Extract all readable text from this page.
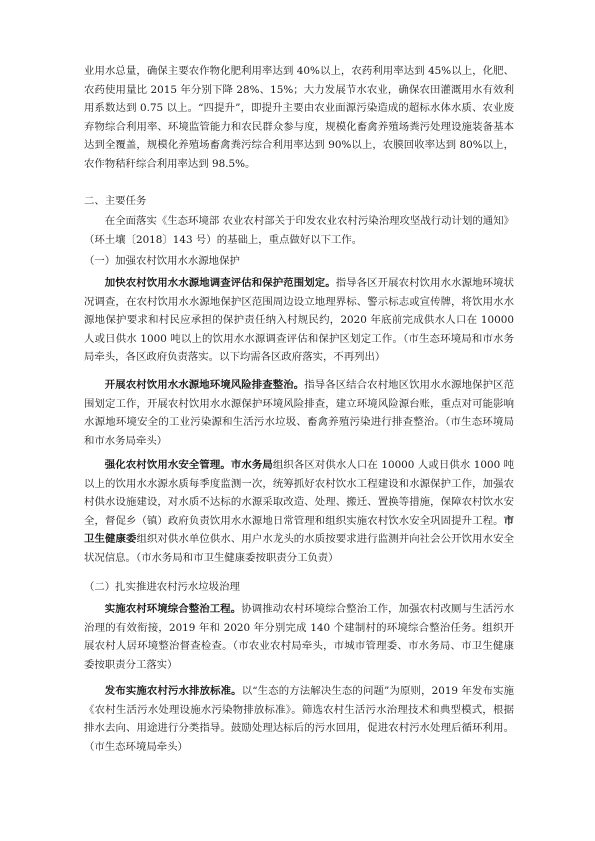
业用水总量，确保主要农作物化肥利用率达到 40%以上，农药利用率达到 45%以上，化肥、农药使用量比 2015 年分别下降 28%、15%；大力发展节水农业，确保农田灌溉用水有效利用系数达到 0.75 以上。“四提升”，即提升主要由农业面源污染造成的超标水体水质、农业废弃物综合利用率、环境监管能力和农民群众参与度，规模化畜禽养殖场粪污处理设施装备基本达到全覆盖，规模化养殖场畜禽粪污综合利用率达到 90%以上，农膜回收率达到 80%以上，农作物秸秆综合利用率达到 98.5%。

二、主要任务

在全面落实《生态环境部 农业农村部关于印发农业农村污染治理攻坚战行动计划的通知》（环土壤〔2018〕143 号）的基础上，重点做好以下工作。

（一）加强农村饮用水水源地保护

加快农村饮用水水源地调查评估和保护范围划定。指导各区开展农村饮用水水源地环境状况调查，在农村饮用水水源地保护区范围周边设立地理界标、警示标志或宣传牌，将饮用水水源地保护要求和村民应承担的保护责任纳入村规民约，2020 年底前完成供水人口在 10000 人或日供水 1000 吨以上的饮用水水源调查评估和保护区划定工作。（市生态环境局和市水务局牵头，各区政府负责落实。以下均需各区政府落实，不再列出）

开展农村饮用水水源地环境风险排查整治。指导各区结合农村地区饮用水水源地保护区范围划定工作，开展农村饮用水水源保护环境风险排查，建立环境风险源台账，重点对可能影响水源地环境安全的工业污染源和生活污水垃圾、畜禽养殖污染进行排查整治。（市生态环境局和市水务局牵头）

强化农村饮用水安全管理。市水务局组织各区对供水人口在 10000 人或日供水 1000 吨以上的饮用水水源水质每季度监测一次，统筹抓好农村饮水工程建设和水源保护工作，加强农村供水设施建设，对水质不达标的水源采取改造、处理、搬迁、置换等措施，保障农村饮水安全，督促乡（镇）政府负责饮用水水源地日常管理和组织实施农村饮水安全巩固提升工程。市卫生健康委组织对供水单位供水、用户水龙头的水质按要求进行监测并向社会公开饮用水安全状况信息。（市水务局和市卫生健康委按职责分工负责）

（二）扎实推进农村污水垃圾治理

实施农村环境综合整治工程。协调推动农村环境综合整治工作，加强农村改厕与生活污水治理的有效衔接，2019 年和 2020 年分别完成 140 个建制村的环境综合整治任务。组织开展农村人居环境整治督查检查。（市农业农村局牵头，市城市管理委、市水务局、市卫生健康委按职责分工落实）

发布实施农村污水排放标准。以“生态的方法解决生态的问题”为原则，2019 年发布实施《农村生活污水处理设施水污染物排放标准》。筛选农村生活污水治理技术和典型模式，根据排水去向、用途进行分类指导。鼓励处理达标后的污水回用，促进农村污水处理后循环利用。（市生态环境局牵头）
